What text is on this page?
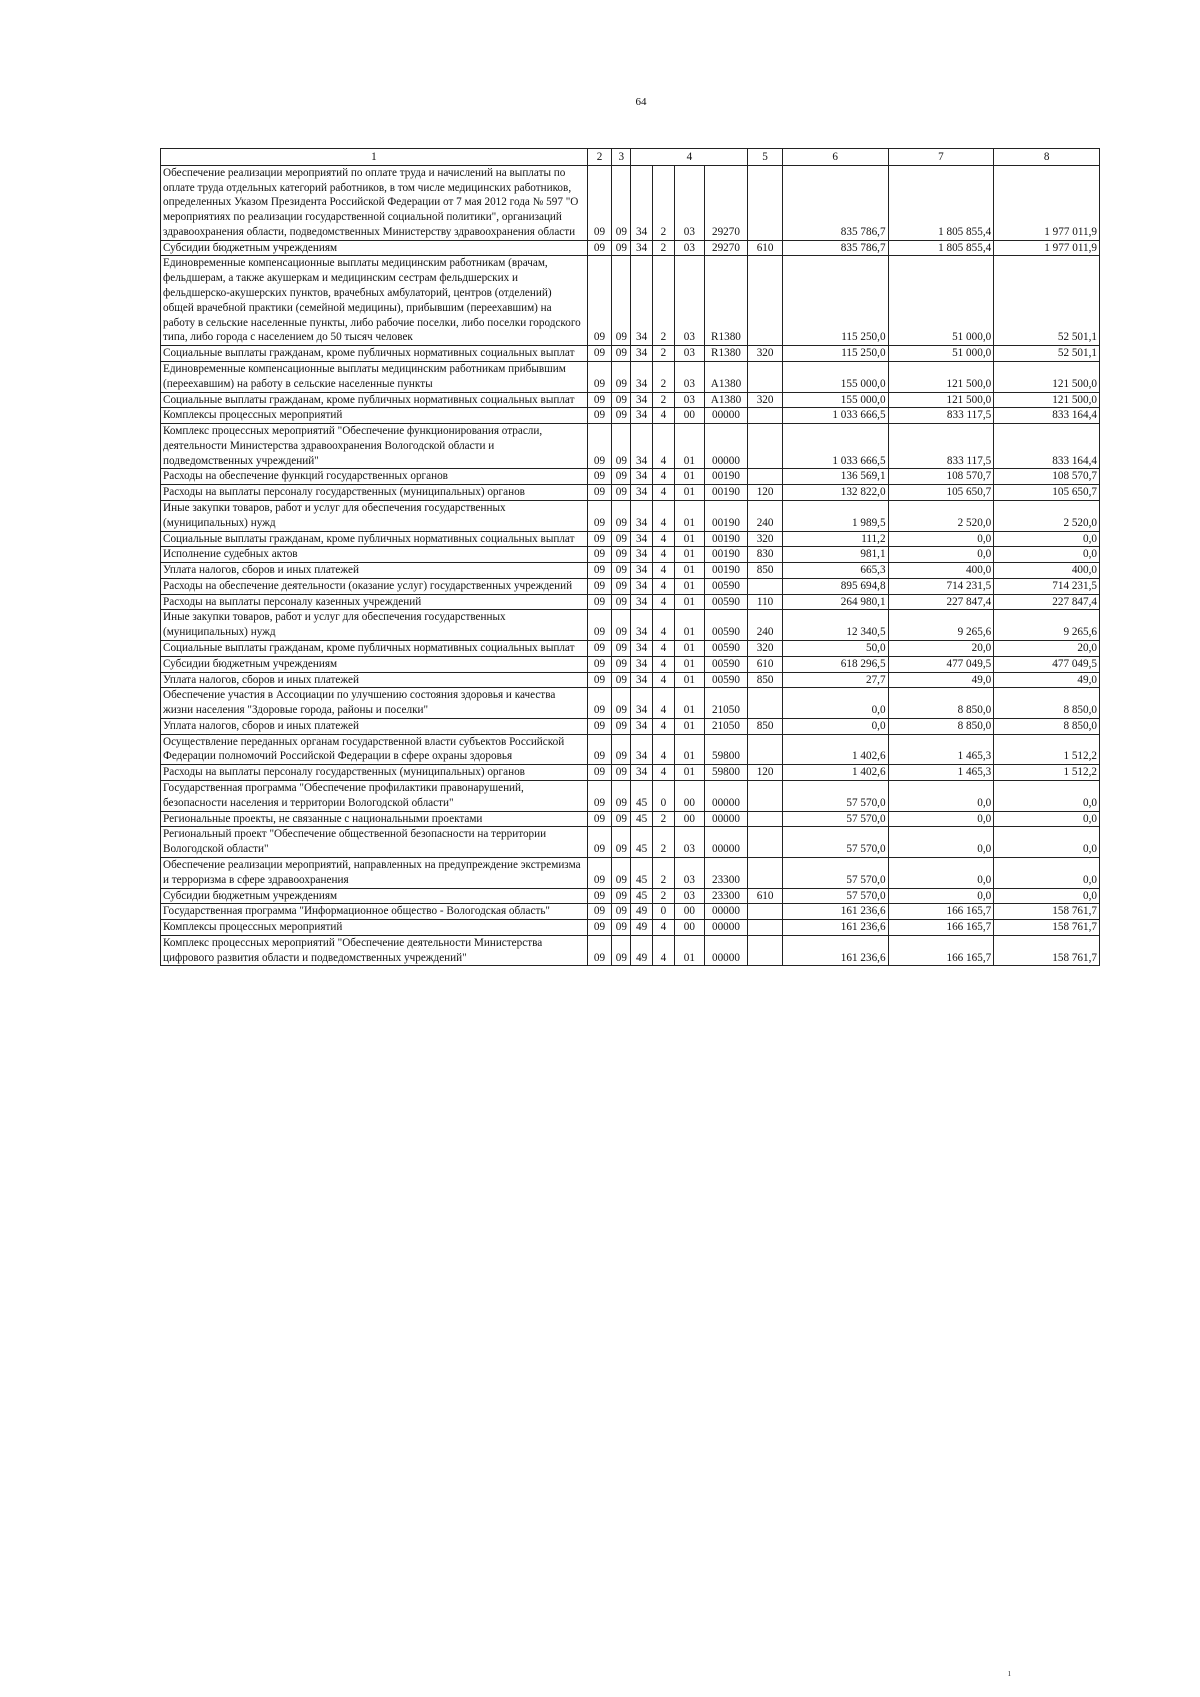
64
1	2	3	4				5	6	7	8
Обеспечение реализации мероприятий по оплате труда и начислений на выплаты по оплате труда отдельных категорий работников, в том числе медицинских работников, определенных Указом Президента Российской Федерации от 7 мая 2012 года № 597 "О мероприятиях по реализации государственной социальной политики", организаций здравоохранения области, подведомственных Министерству здравоохранения области	09	09	34	2	03	29270		835 786,7	1 805 855,4	1 977 011,9
Субсидии бюджетным учреждениям	09	09	34	2	03	29270	610	835 786,7	1 805 855,4	1 977 011,9
Единовременные компенсационные выплаты медицинским работникам (врачам, фельдшерам, а также акушеркам и медицинским сестрам фельдшерских и фельдшерско-акушерских пунктов, врачебных амбулаторий, центров (отделений) общей врачебной практики (семейной медицины), прибывшим (переехавшим) на работу в сельские населенные пункты, либо рабочие поселки, либо поселки городского типа, либо города с населением до 50 тысяч человек	09	09	34	2	03	R1380		115 250,0	51 000,0	52 501,1
Социальные выплаты гражданам, кроме публичных нормативных социальных выплат	09	09	34	2	03	R1380	320	115 250,0	51 000,0	52 501,1
Единовременные компенсационные выплаты медицинским работникам прибывшим (переехавшим) на работу в сельские населенные пункты	09	09	34	2	03	A1380		155 000,0	121 500,0	121 500,0
Социальные выплаты гражданам, кроме публичных нормативных социальных выплат	09	09	34	2	03	A1380	320	155 000,0	121 500,0	121 500,0
Комплексы процессных мероприятий	09	09	34	4	00	00000		1 033 666,5	833 117,5	833 164,4
Комплекс процессных мероприятий "Обеспечение функционирования отрасли, деятельности Министерства здравоохранения Вологодской области и подведомственных учреждений"	09	09	34	4	01	00000		1 033 666,5	833 117,5	833 164,4
Расходы на обеспечение функций государственных органов	09	09	34	4	01	00190		136 569,1	108 570,7	108 570,7
Расходы на выплаты персоналу государственных (муниципальных) органов	09	09	34	4	01	00190	120	132 822,0	105 650,7	105 650,7
Иные закупки товаров, работ и услуг для обеспечения государственных (муниципальных) нужд	09	09	34	4	01	00190	240	1 989,5	2 520,0	2 520,0
Социальные выплаты гражданам, кроме публичных нормативных социальных выплат	09	09	34	4	01	00190	320	111,2	0,0	0,0
Исполнение судебных актов	09	09	34	4	01	00190	830	981,1	0,0	0,0
Уплата налогов, сборов и иных платежей	09	09	34	4	01	00190	850	665,3	400,0	400,0
Расходы на обеспечение деятельности (оказание услуг) государственных учреждений	09	09	34	4	01	00590		895 694,8	714 231,5	714 231,5
Расходы на выплаты персоналу казенных учреждений	09	09	34	4	01	00590	110	264 980,1	227 847,4	227 847,4
Иные закупки товаров, работ и услуг для обеспечения государственных (муниципальных) нужд	09	09	34	4	01	00590	240	12 340,5	9 265,6	9 265,6
Социальные выплаты гражданам, кроме публичных нормативных социальных выплат	09	09	34	4	01	00590	320	50,0	20,0	20,0
Субсидии бюджетным учреждениям	09	09	34	4	01	00590	610	618 296,5	477 049,5	477 049,5
Уплата налогов, сборов и иных платежей	09	09	34	4	01	00590	850	27,7	49,0	49,0
Обеспечение участия в Ассоциации по улучшению состояния здоровья и качества жизни населения "Здоровые города, районы и поселки"	09	09	34	4	01	21050		0,0	8 850,0	8 850,0
Уплата налогов, сборов и иных платежей	09	09	34	4	01	21050	850	0,0	8 850,0	8 850,0
Осуществление переданных органам государственной власти субъектов Российской Федерации полномочий Российской Федерации в сфере охраны здоровья	09	09	34	4	01	59800		1 402,6	1 465,3	1 512,2
Расходы на выплаты персоналу государственных (муниципальных) органов	09	09	34	4	01	59800	120	1 402,6	1 465,3	1 512,2
Государственная программа "Обеспечение профилактики правонарушений, безопасности населения и территории Вологодской области"	09	09	45	0	00	00000		57 570,0	0,0	0,0
Региональные проекты, не связанные с национальными проектами	09	09	45	2	00	00000		57 570,0	0,0	0,0
Региональный проект "Обеспечение общественной безопасности на территории Вологодской области"	09	09	45	2	03	00000		57 570,0	0,0	0,0
Обеспечение реализации мероприятий, направленных на предупреждение экстремизма и терроризма в сфере здравоохранения	09	09	45	2	03	23300		57 570,0	0,0	0,0
Субсидии бюджетным учреждениям	09	09	45	2	03	23300	610	57 570,0	0,0	0,0
Государственная программа "Информационное общество - Вологодская область"	09	09	49	0	00	00000		161 236,6	166 165,7	158 761,7
Комплексы процессных мероприятий	09	09	49	4	00	00000		161 236,6	166 165,7	158 761,7
Комплекс процессных мероприятий "Обеспечение деятельности Министерства цифрового развития области и подведомственных учреждений"	09	09	49	4	01	00000		161 236,6	166 165,7	158 761,7
ı
